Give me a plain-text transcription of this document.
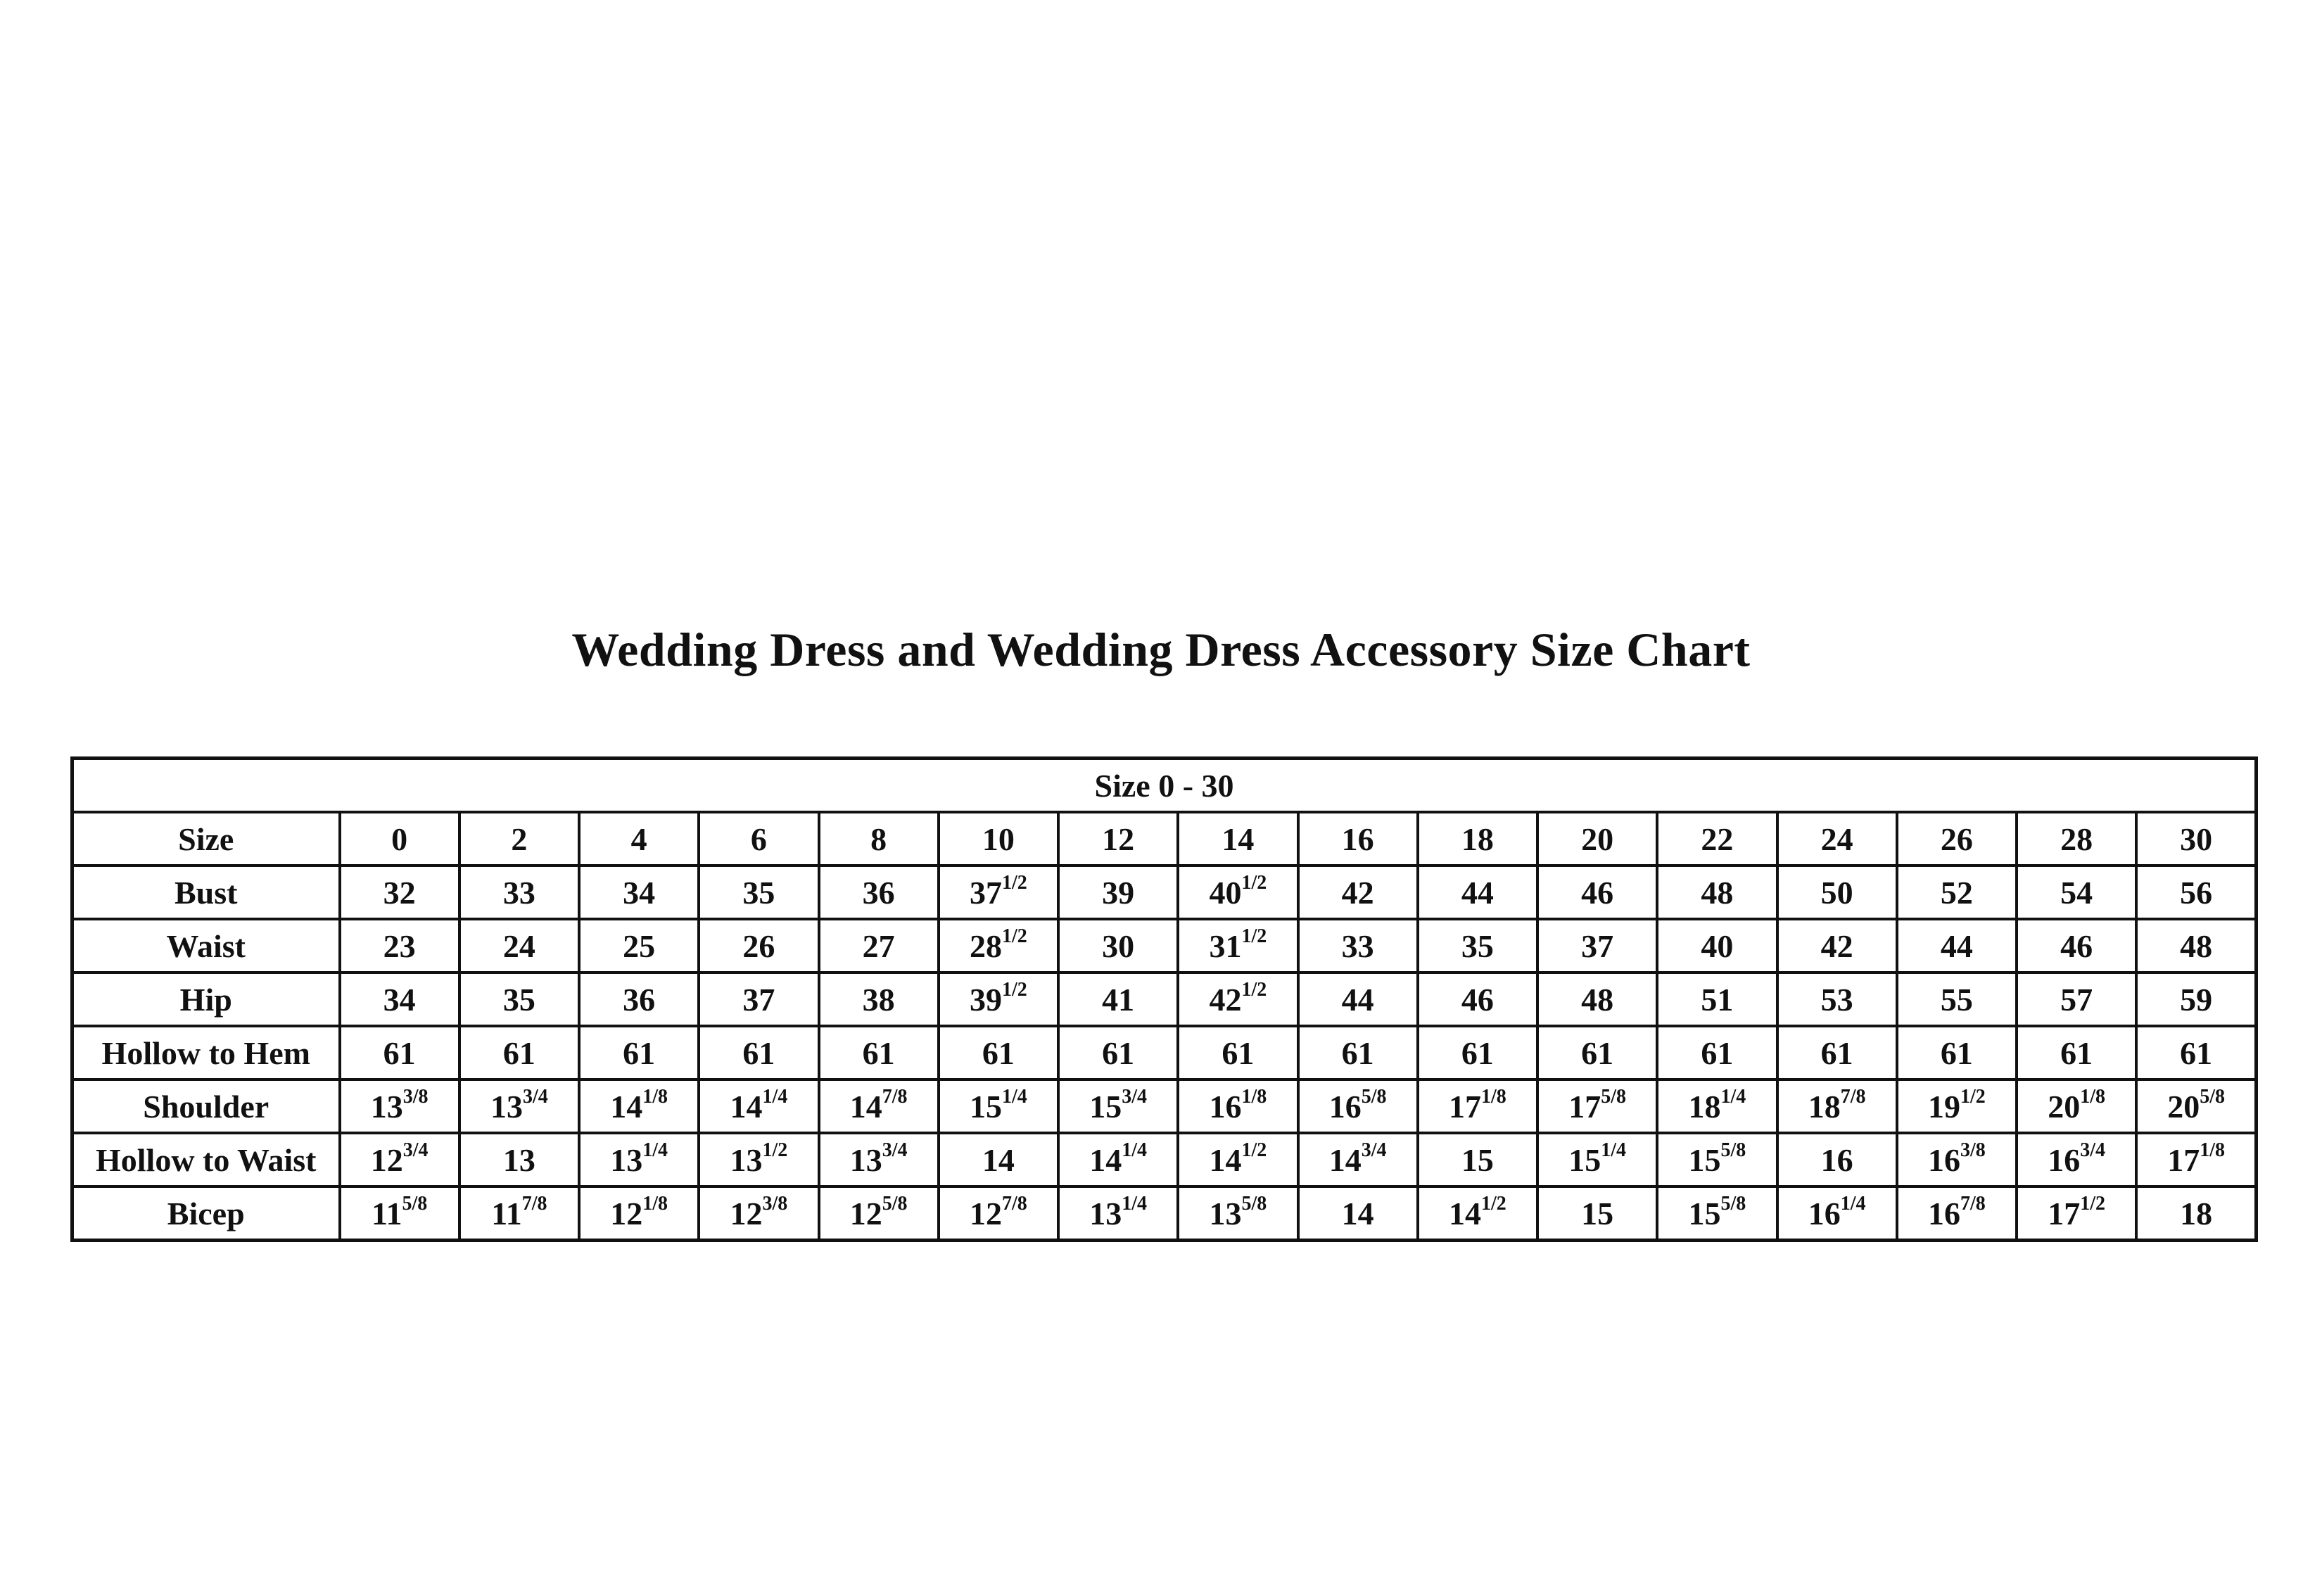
Wedding Dress and Wedding Dress Accessory Size Chart
Size 0 - 30																
Size	0	2	4	6	8	10	12	14	16	18	20	22	24	26	28	30
Bust	32	33	34	35	36	$37^{1/2}$	39	$40^{1/2}$	42	44	46	48	50	52	54	56
Waist	23	24	25	26	27	$28^{1/2}$	30	$31^{1/2}$	33	35	37	40	42	44	46	48
Hip	34	35	36	37	38	$39^{1/2}$	41	$42^{1/2}$	44	46	48	51	53	55	57	59
Hollow to Hem	61	61	61	61	61	61	61	61	61	61	61	61	61	61	61	61
Shoulder	$13^{3/8}$	$13^{3/4}$	$14^{1/8}$	$14^{1/4}$	$14^{7/8}$	$15^{1/4}$	$15^{3/4}$	$16^{1/8}$	$16^{5/8}$	$17^{1/8}$	$17^{5/8}$	$18^{1/4}$	$18^{7/8}$	$19^{1/2}$	$20^{1/8}$	$20^{5/8}$
Hollow to Waist	$12^{3/4}$	13	$13^{1/4}$	$13^{1/2}$	$13^{3/4}$	14	$14^{1/4}$	$14^{1/2}$	$14^{3/4}$	15	$15^{1/4}$	$15^{5/8}$	16	$16^{3/8}$	$16^{3/4}$	$17^{1/8}$
Bicep	$11^{5/8}$	$11^{7/8}$	$12^{1/8}$	$12^{3/8}$	$12^{5/8}$	$12^{7/8}$	$13^{1/4}$	$13^{5/8}$	14	$14^{1/2}$	15	$15^{5/8}$	$16^{1/4}$	$16^{7/8}$	$17^{1/2}$	18
